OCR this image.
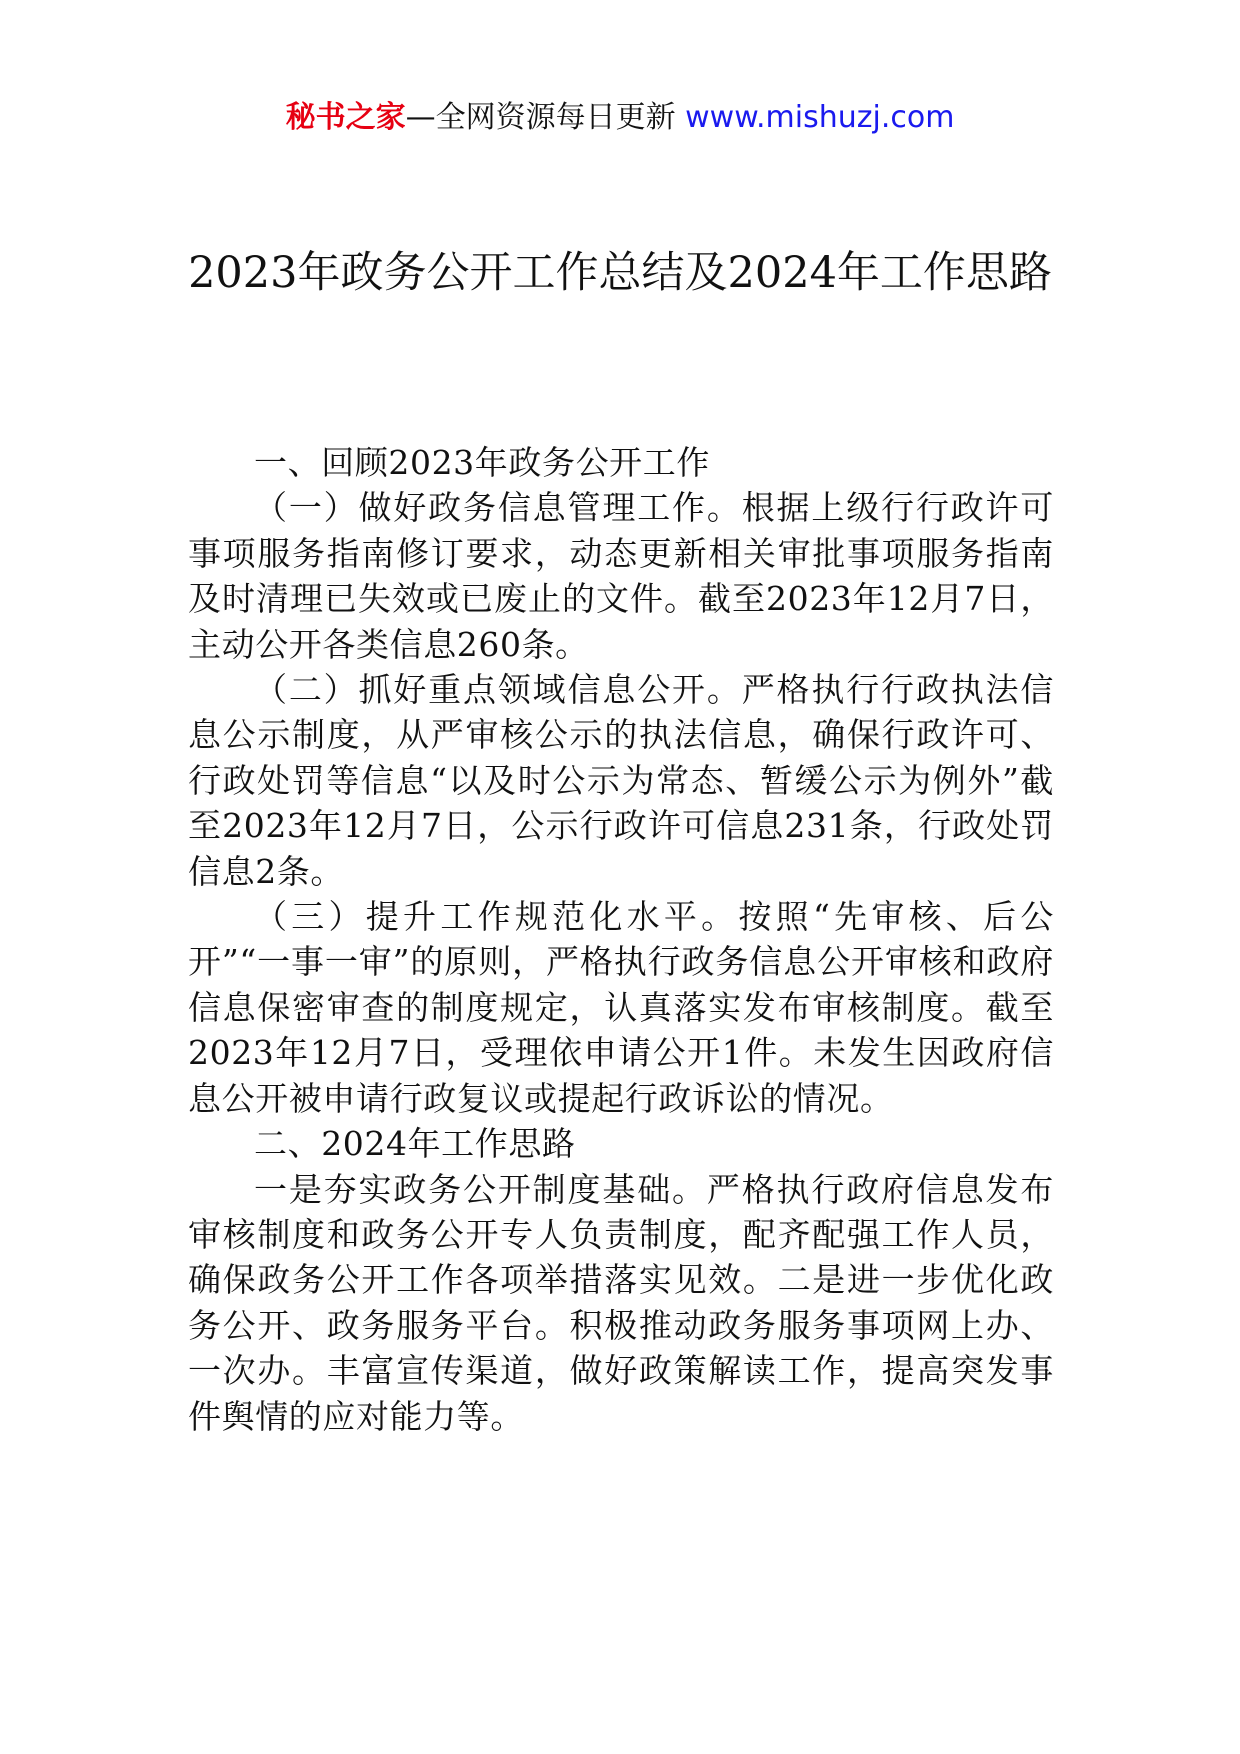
秘书之家—全网资源每日更新 www.mishuzj.com
2023年政务公开工作总结及2024年工作思路

一、回顾2023年政务公开工作

（一）做好政务信息管理工作。根据上级行行政许可事项服务指南修订要求，动态更新相关审批事项服务指南及时清理已失效或已废止的文件。截至2023年12月7日，主动公开各类信息260条。

（二）抓好重点领域信息公开。严格执行行政执法信息公示制度，从严审核公示的执法信息，确保行政许可、行政处罚等信息“以及时公示为常态、暂缓公示为例外”截至2023年12月7日，公示行政许可信息231条，行政处罚信息2条。

（三）提升工作规范化水平。按照“先审核、后公开”“一事一审”的原则，严格执行政务信息公开审核和政府信息保密审查的制度规定，认真落实发布审核制度。截至2023年12月7日，受理依申请公开1件。未发生因政府信息公开被申请行政复议或提起行政诉讼的情况。

二、2024年工作思路

一是夯实政务公开制度基础。严格执行政府信息发布审核制度和政务公开专人负责制度，配齐配强工作人员，确保政务公开工作各项举措落实见效。二是进一步优化政务公开、政务服务平台。积极推动政务服务事项网上办、一次办。丰富宣传渠道，做好政策解读工作，提高突发事件舆情的应对能力等。
